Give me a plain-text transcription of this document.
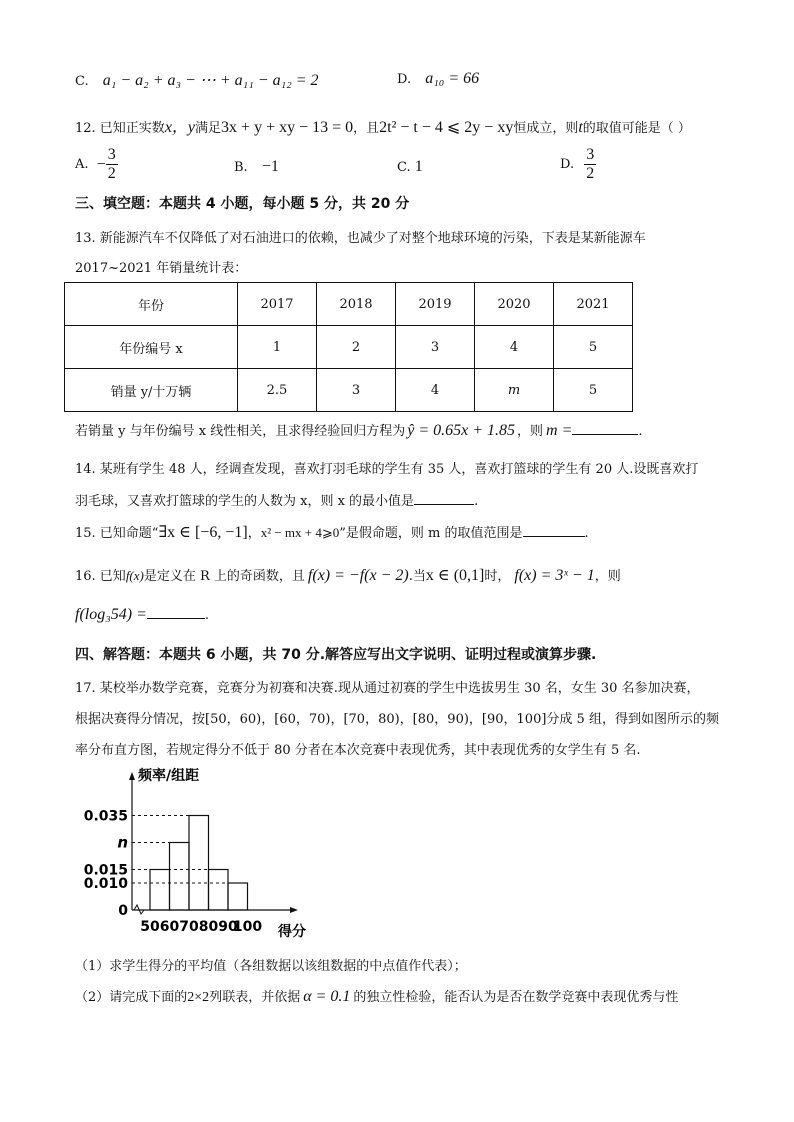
C. a₁ − a₂ + a₃ − ⋯ + a₁₁ − a₁₂ = 2	D. a₁₀ = 66
12. 已知正实数x，y满足3x + y + xy − 13 = 0，且2t² − t − 4 ⩽ 2y − xy恒成立，则t的取值可能是（ ）
A. − $\frac{3}{2}$	B. −1	C. 1	D. $\frac{3}{2}$
三、填空题：本题共 4 小题，每小题 5 分，共 20 分
13. 新能源汽车不仅降低了对石油进口的依赖，也减少了对整个地球环境的污染，下表是某新能源车
2017~2021 年销量统计表：
年份	2017	2018	2019	2020	2021
年份编号 x	1	2	3	4	5
销量 y/十万辆	2.5	3	4	m	5
若销量 y 与年份编号 x 线性相关，且求得经验回归方程为 ŷ = 0.65x + 1.85 ，则 m =	.
14. 某班有学生 48 人，经调查发现，喜欢打羽毛球的学生有 35 人，喜欢打篮球的学生有 20 人.设既喜欢打
羽毛球，又喜欢打篮球的学生的人数为 x，则 x 的最小值是	.
15. 已知命题“∃x ∈ [−6, −1]，x² − mx + 4⩾0”是假命题，则 m 的取值范围是	.
16. 已知f(x)是定义在 R 上的奇函数，且 f(x) = −f(x − 2).当x ∈ (0,1]时， f(x) = 3ˣ − 1，则
f(log₃54) =	.
四、解答题：本题共 6 小题，共 70 分.解答应写出文字说明、证明过程或演算步骤.
17. 某校举办数学竞赛，竞赛分为初赛和决赛.现从通过初赛的学生中选拔男生 30 名，女生 30 名参加决赛，
根据决赛得分情况，按[50，60)，[60，70)，[70，80)，[80，90)，[90，100]分成 5 组，得到如图所示的频
率分布直方图，若规定得分不低于 80 分者在本次竞赛中表现优秀，其中表现优秀的女学生有 5 名.
频率/组距
得分
0.010
0.015
n
0.035
0
50 60 70 80 90
100
（1）求学生得分的平均值（各组数据以该组数据的中点值作代表）；
（2）请完成下面的2×2列联表，并依据 α = 0.1 的独立性检验，能否认为是否在数学竞赛中表现优秀与性
